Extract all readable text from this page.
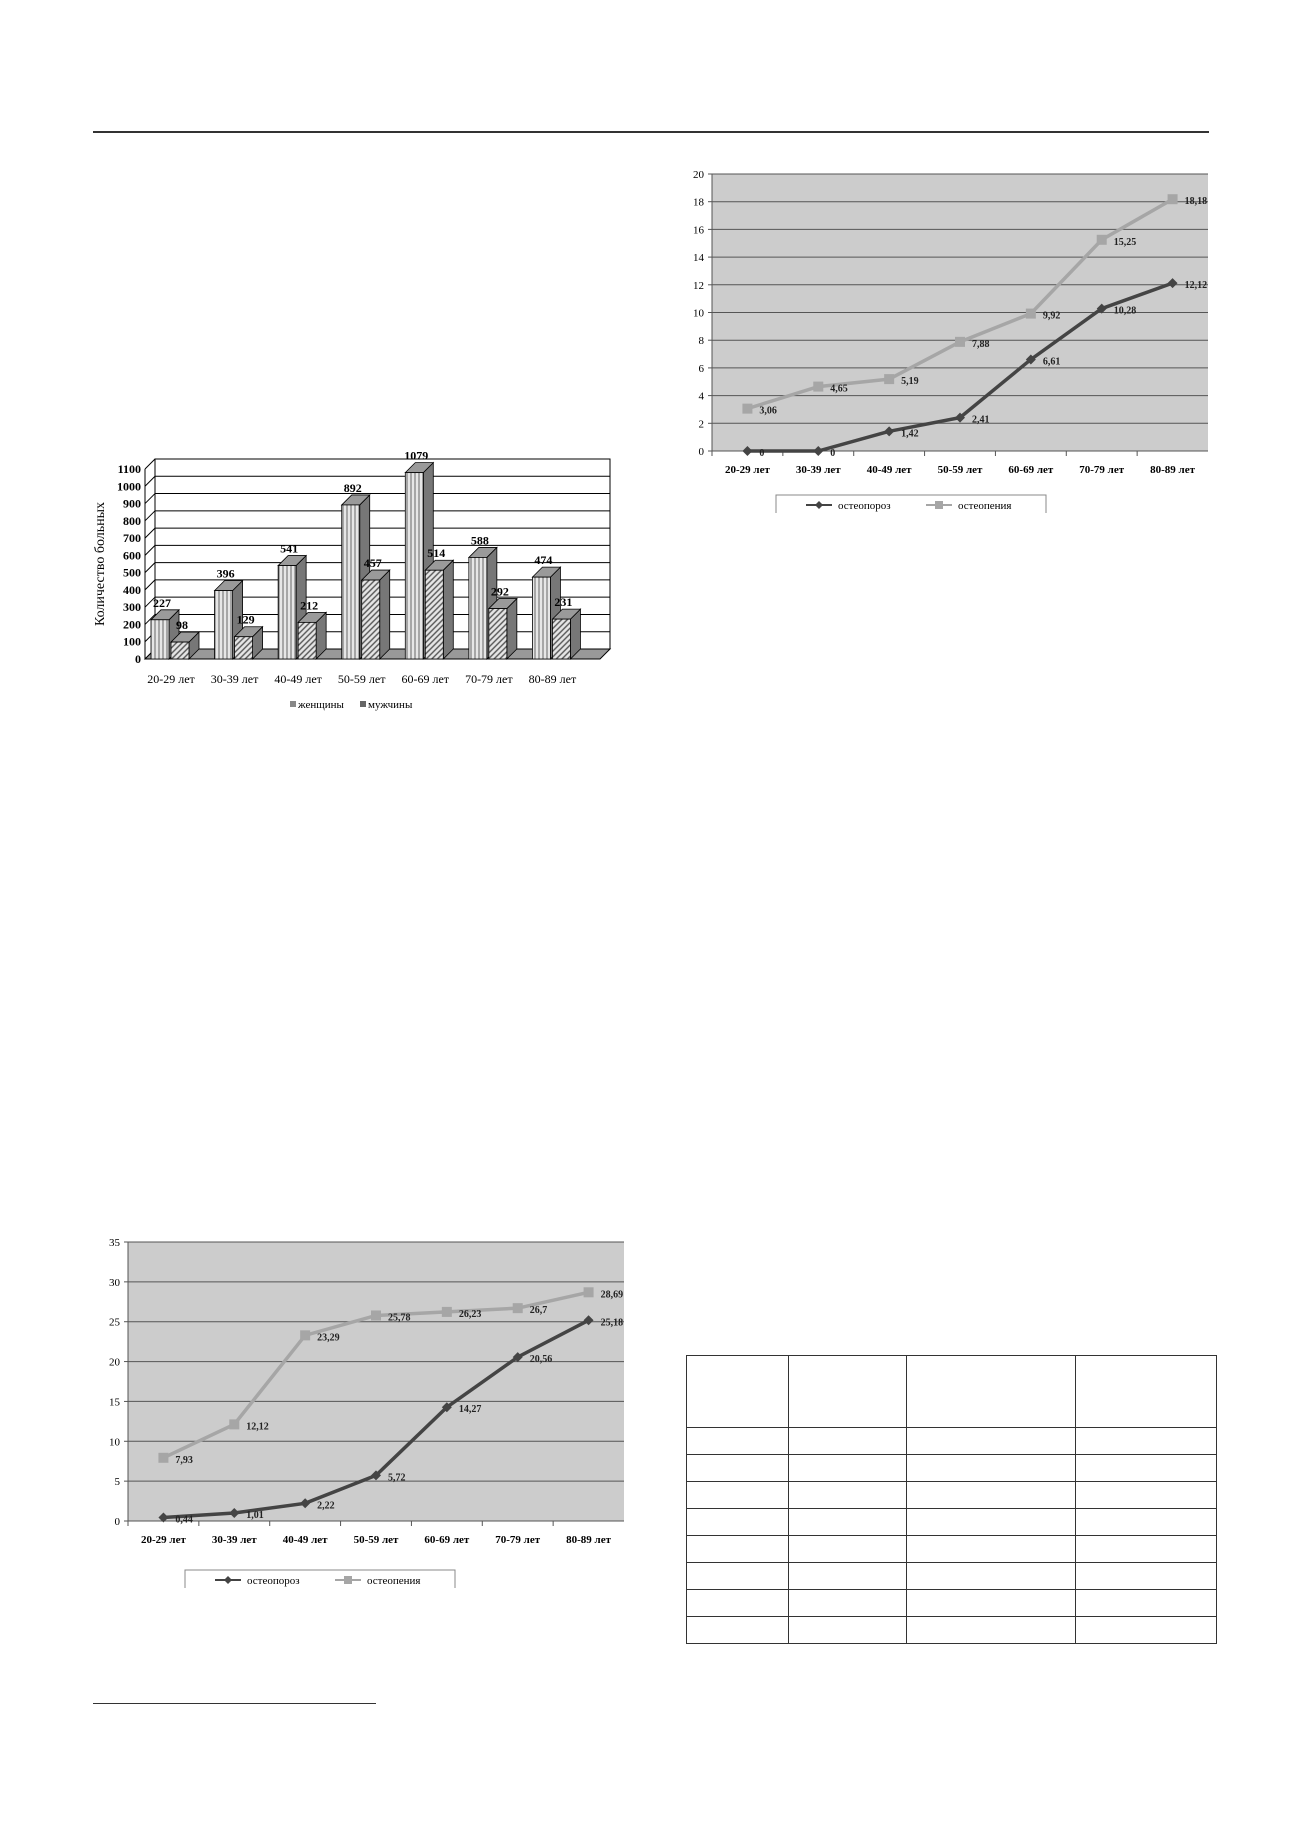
0
100
200
300
400
500
600
700
800
900
1000
1100
Количество больных	227
98
20-29 лет
396
129
30-39 лет
541
212
40-49 лет
892
457
50-59 лет
1079
514
60-69 лет
588
292
70-79 лет
474
231
80-89 лет
женщины мужчины
0
5
10
15
20
25
30
35
20-29 лет 30-39 лет 40-49 лет 50-59 лет 60-69 лет 70-79 лет 80-89 лет
7,93
12,12
23,29
25,78	26,23	26,7
28,69
0,44	1,01
2,22
5,72
14,27
20,56
25,18
остеопороз	остеопения
0
2
4
6
8
10
12
14
16
18
20
20-29 лет 30-39 лет 40-49 лет 50-59 лет 60-69 лет 70-79 лет 80-89 лет
3,06
4,65
5,19
7,88
9,92
15,25
18,18
0	0
1,42
2,41
6,61
10,28
12,12
остеопороз	остеопения
